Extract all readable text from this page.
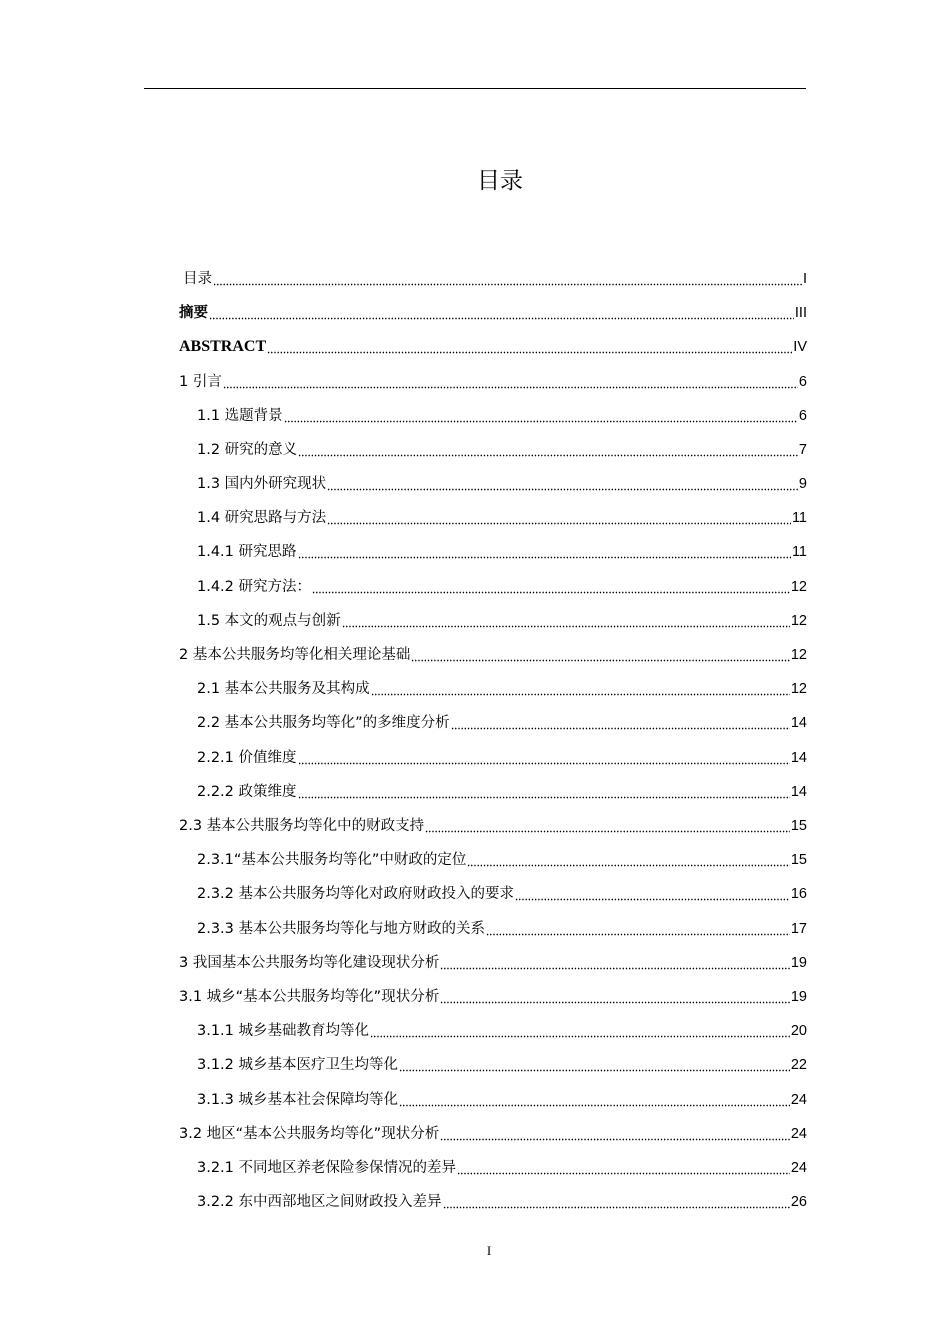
目录
目录	I
摘要	III
ABSTRACT	IV
1 引言	6
1.1 选题背景	6
1.2 研究的意义	7
1.3 国内外研究现状	9
1.4 研究思路与方法	11
1.4.1 研究思路	11
1.4.2 研究方法：	12
1.5 本文的观点与创新	12
2 基本公共服务均等化相关理论基础	12
2.1 基本公共服务及其构成	12
2.2 基本公共服务均等化”的多维度分析	14
2.2.1 价值维度	14
2.2.2 政策维度	14
2.3 基本公共服务均等化中的财政支持	15
2.3.1“基本公共服务均等化”中财政的定位	15
2.3.2 基本公共服务均等化对政府财政投入的要求	16
2.3.3 基本公共服务均等化与地方财政的关系	17
3 我国基本公共服务均等化建设现状分析	19
3.1 城乡“基本公共服务均等化”现状分析	19
3.1.1 城乡基础教育均等化	20
3.1.2 城乡基本医疗卫生均等化	22
3.1.3 城乡基本社会保障均等化	24
3.2 地区“基本公共服务均等化”现状分析	24
3.2.1 不同地区养老保险参保情况的差异	24
3.2.2 东中西部地区之间财政投入差异	26
I
